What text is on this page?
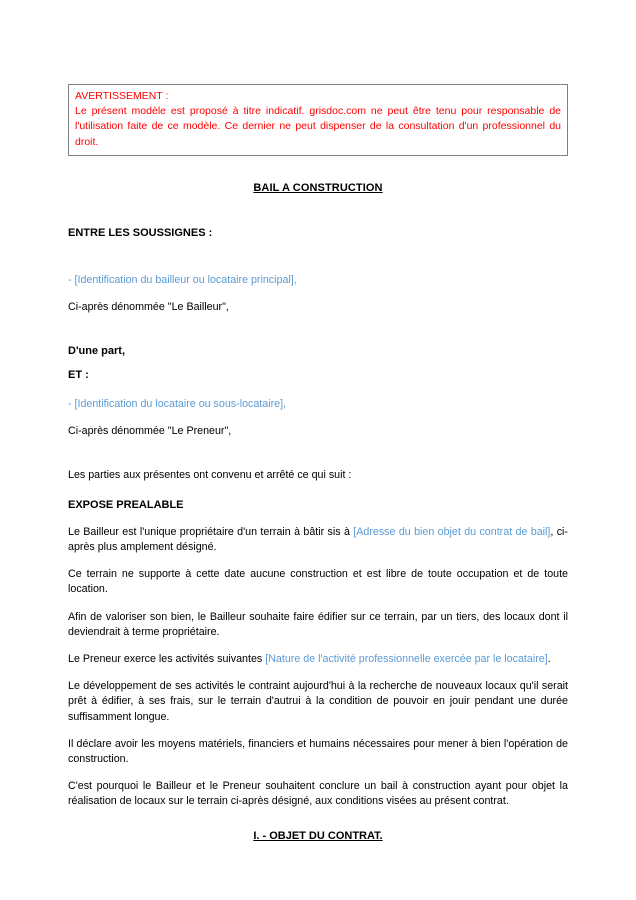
AVERTISSEMENT :
Le présent modèle est proposé à titre indicatif. grisdoc.com ne peut être tenu pour responsable de l'utilisation faite de ce modèle. Ce dernier ne peut dispenser de la consultation d'un professionnel du droit.
BAIL A CONSTRUCTION
ENTRE LES SOUSSIGNES :

- [Identification du bailleur ou locataire principal],

Ci-après dénommée "Le Bailleur",

D'une part,
ET :

- [Identification du locataire ou sous-locataire],

Ci-après dénommée "Le Preneur",

Les parties aux présentes ont convenu et arrêté ce qui suit :

EXPOSE PREALABLE

Le Bailleur est l'unique propriétaire d'un terrain à bâtir sis à [Adresse du bien objet du contrat de bail], ci-après plus amplement désigné.

Ce terrain ne supporte à cette date aucune construction et est libre de toute occupation et de toute location.

Afin de valoriser son bien, le Bailleur souhaite faire édifier sur ce terrain, par un tiers, des locaux dont il deviendrait à terme propriétaire.

Le Preneur exerce les activités suivantes [Nature de l'activité professionnelle exercée par le locataire].

Le développement de ses activités le contraint aujourd'hui à la recherche de nouveaux locaux qu'il serait prêt à édifier, à ses frais, sur le terrain d'autrui à la condition de pouvoir en jouir pendant une durée suffisamment longue.

Il déclare avoir les moyens matériels, financiers et humains nécessaires pour mener à bien l'opération de construction.

C'est pourquoi le Bailleur et le Preneur souhaitent conclure un bail à construction ayant pour objet la réalisation de locaux sur le terrain ci-après désigné, aux conditions visées au présent contrat.

I. - OBJET DU CONTRAT.
